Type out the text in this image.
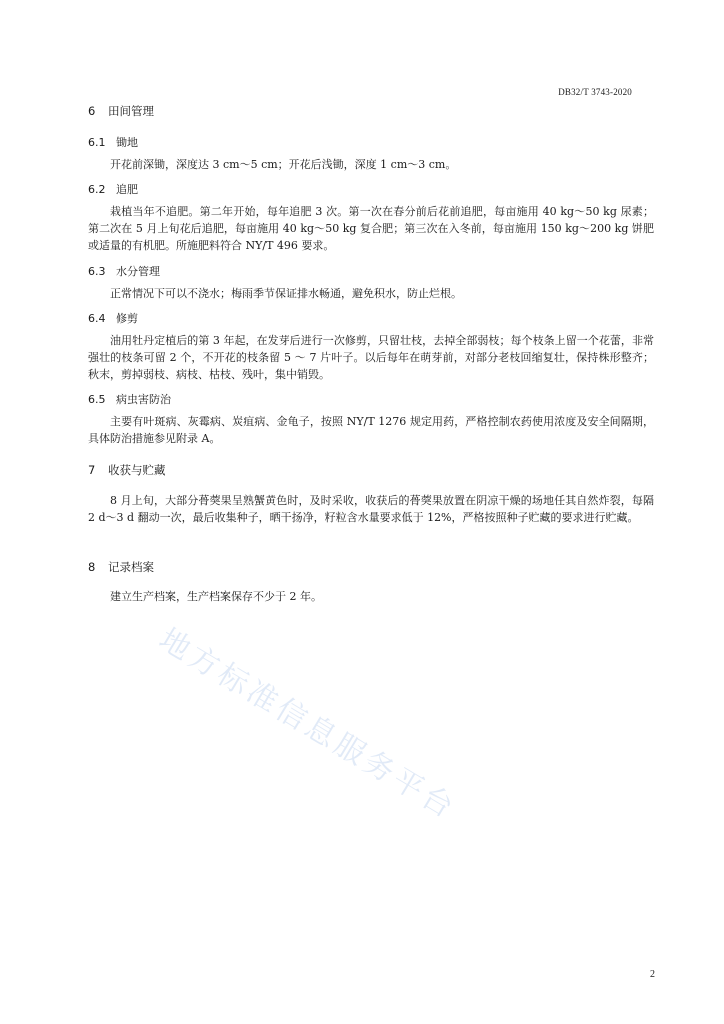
DB32/T 3743-2020
6 田间管理
6.1 锄地
开花前深锄，深度达 3 cm～5 cm；开花后浅锄，深度 1 cm～3 cm。
6.2 追肥
栽植当年不追肥。第二年开始，每年追肥 3 次。第一次在春分前后花前追肥，每亩施用 40 kg～50 kg 尿素；第二次在 5 月上旬花后追肥，每亩施用 40 kg～50 kg 复合肥；第三次在入冬前，每亩施用 150 kg～200 kg 饼肥或适量的有机肥。所施肥料符合 NY/T 496 要求。
6.3 水分管理
正常情况下可以不浇水；梅雨季节保证排水畅通，避免积水，防止烂根。
6.4 修剪
油用牡丹定植后的第 3 年起，在发芽后进行一次修剪，只留壮枝，去掉全部弱枝；每个枝条上留一个花蕾，非常强壮的枝条可留 2 个，不开花的枝条留 5 ～ 7 片叶子。以后每年在萌芽前，对部分老枝回缩复壮，保持株形整齐；秋末，剪掉弱枝、病枝、枯枝、残叶，集中销毁。
6.5 病虫害防治
主要有叶斑病、灰霉病、炭疽病、金龟子，按照 NY/T 1276 规定用药，严格控制农药使用浓度及安全间隔期，具体防治措施参见附录 A。
7 收获与贮藏
8 月上旬，大部分蓇葖果呈熟蟹黄色时，及时采收，收获后的蓇葖果放置在阴凉干燥的场地任其自然炸裂，每隔 2 d～3 d 翻动一次，最后收集种子，晒干扬净，籽粒含水量要求低于 12%，严格按照种子贮藏的要求进行贮藏。
8 记录档案
建立生产档案，生产档案保存不少于 2 年。
地方标准信息服务平台
2
